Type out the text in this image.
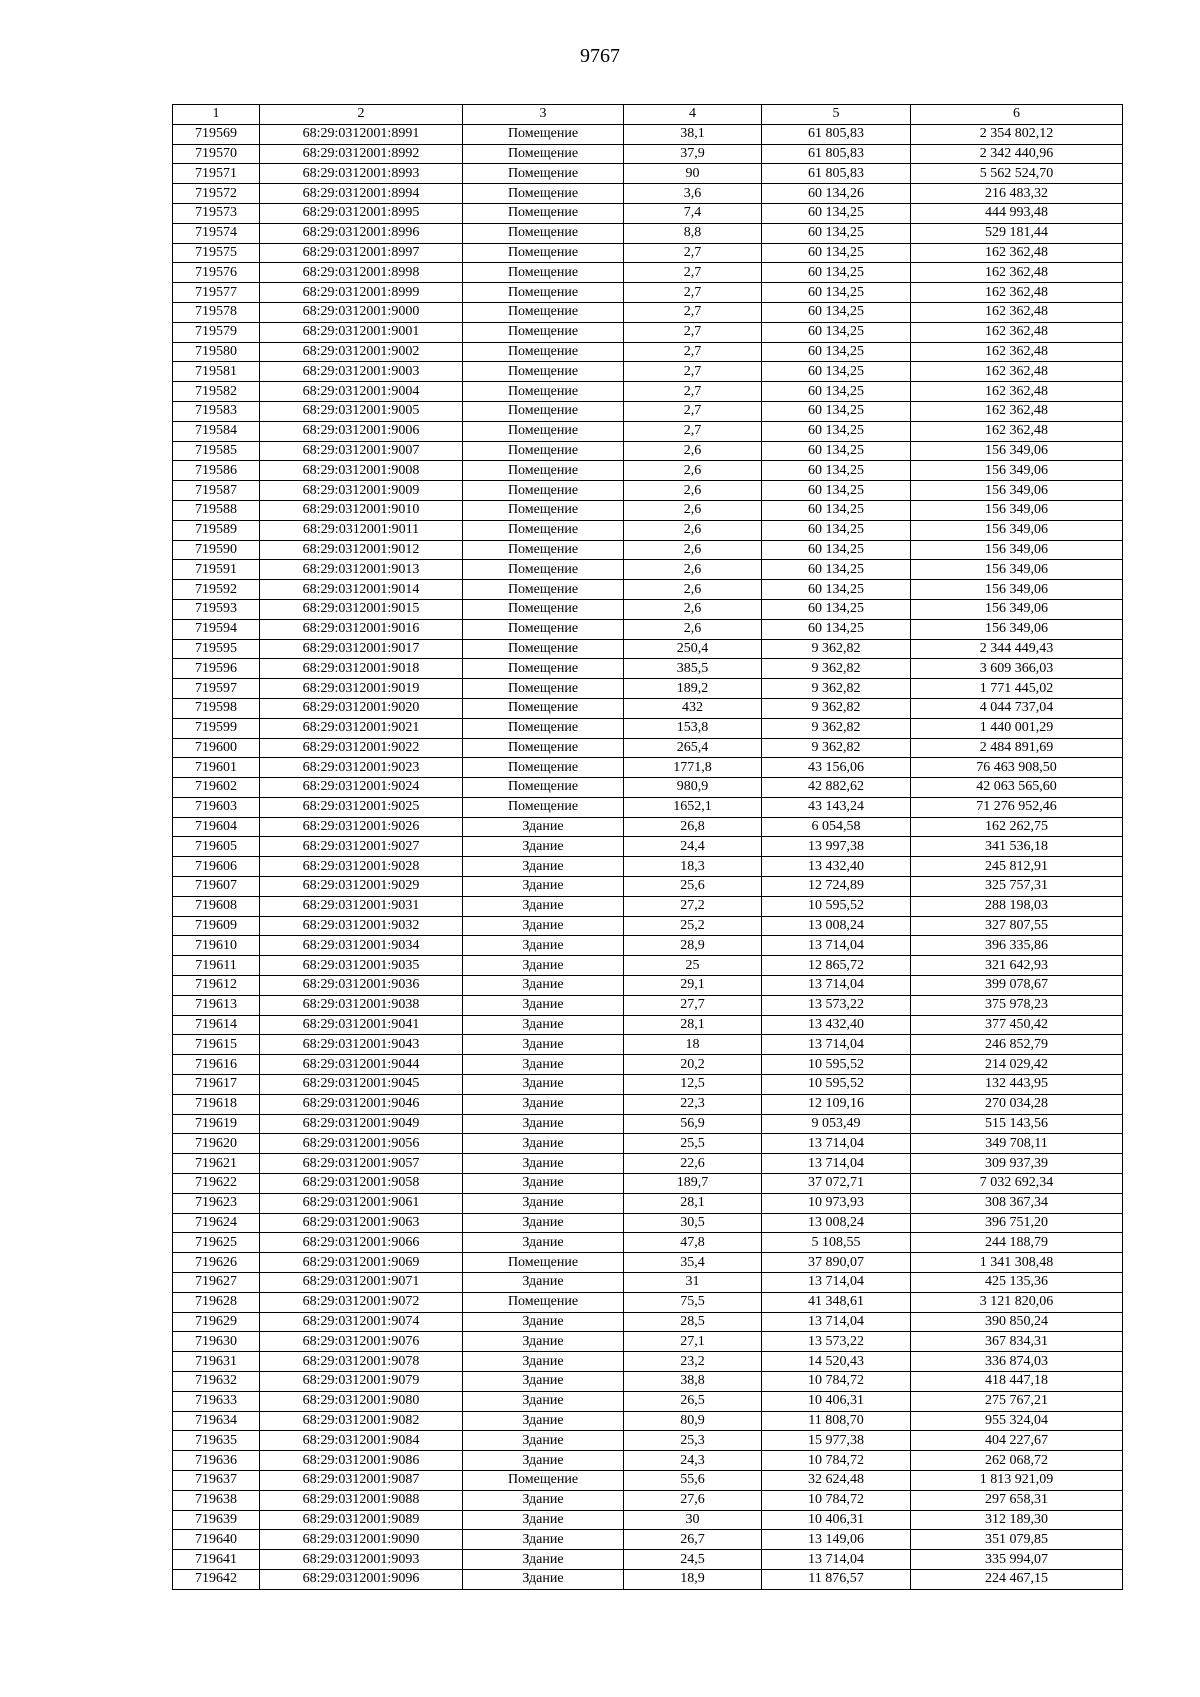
9767
1	2	3	4	5	6
719569	68:29:0312001:8991	Помещение	38,1	61 805,83	2 354 802,12
719570	68:29:0312001:8992	Помещение	37,9	61 805,83	2 342 440,96
719571	68:29:0312001:8993	Помещение	90	61 805,83	5 562 524,70
719572	68:29:0312001:8994	Помещение	3,6	60 134,26	216 483,32
719573	68:29:0312001:8995	Помещение	7,4	60 134,25	444 993,48
719574	68:29:0312001:8996	Помещение	8,8	60 134,25	529 181,44
719575	68:29:0312001:8997	Помещение	2,7	60 134,25	162 362,48
719576	68:29:0312001:8998	Помещение	2,7	60 134,25	162 362,48
719577	68:29:0312001:8999	Помещение	2,7	60 134,25	162 362,48
719578	68:29:0312001:9000	Помещение	2,7	60 134,25	162 362,48
719579	68:29:0312001:9001	Помещение	2,7	60 134,25	162 362,48
719580	68:29:0312001:9002	Помещение	2,7	60 134,25	162 362,48
719581	68:29:0312001:9003	Помещение	2,7	60 134,25	162 362,48
719582	68:29:0312001:9004	Помещение	2,7	60 134,25	162 362,48
719583	68:29:0312001:9005	Помещение	2,7	60 134,25	162 362,48
719584	68:29:0312001:9006	Помещение	2,7	60 134,25	162 362,48
719585	68:29:0312001:9007	Помещение	2,6	60 134,25	156 349,06
719586	68:29:0312001:9008	Помещение	2,6	60 134,25	156 349,06
719587	68:29:0312001:9009	Помещение	2,6	60 134,25	156 349,06
719588	68:29:0312001:9010	Помещение	2,6	60 134,25	156 349,06
719589	68:29:0312001:9011	Помещение	2,6	60 134,25	156 349,06
719590	68:29:0312001:9012	Помещение	2,6	60 134,25	156 349,06
719591	68:29:0312001:9013	Помещение	2,6	60 134,25	156 349,06
719592	68:29:0312001:9014	Помещение	2,6	60 134,25	156 349,06
719593	68:29:0312001:9015	Помещение	2,6	60 134,25	156 349,06
719594	68:29:0312001:9016	Помещение	2,6	60 134,25	156 349,06
719595	68:29:0312001:9017	Помещение	250,4	9 362,82	2 344 449,43
719596	68:29:0312001:9018	Помещение	385,5	9 362,82	3 609 366,03
719597	68:29:0312001:9019	Помещение	189,2	9 362,82	1 771 445,02
719598	68:29:0312001:9020	Помещение	432	9 362,82	4 044 737,04
719599	68:29:0312001:9021	Помещение	153,8	9 362,82	1 440 001,29
719600	68:29:0312001:9022	Помещение	265,4	9 362,82	2 484 891,69
719601	68:29:0312001:9023	Помещение	1771,8	43 156,06	76 463 908,50
719602	68:29:0312001:9024	Помещение	980,9	42 882,62	42 063 565,60
719603	68:29:0312001:9025	Помещение	1652,1	43 143,24	71 276 952,46
719604	68:29:0312001:9026	Здание	26,8	6 054,58	162 262,75
719605	68:29:0312001:9027	Здание	24,4	13 997,38	341 536,18
719606	68:29:0312001:9028	Здание	18,3	13 432,40	245 812,91
719607	68:29:0312001:9029	Здание	25,6	12 724,89	325 757,31
719608	68:29:0312001:9031	Здание	27,2	10 595,52	288 198,03
719609	68:29:0312001:9032	Здание	25,2	13 008,24	327 807,55
719610	68:29:0312001:9034	Здание	28,9	13 714,04	396 335,86
719611	68:29:0312001:9035	Здание	25	12 865,72	321 642,93
719612	68:29:0312001:9036	Здание	29,1	13 714,04	399 078,67
719613	68:29:0312001:9038	Здание	27,7	13 573,22	375 978,23
719614	68:29:0312001:9041	Здание	28,1	13 432,40	377 450,42
719615	68:29:0312001:9043	Здание	18	13 714,04	246 852,79
719616	68:29:0312001:9044	Здание	20,2	10 595,52	214 029,42
719617	68:29:0312001:9045	Здание	12,5	10 595,52	132 443,95
719618	68:29:0312001:9046	Здание	22,3	12 109,16	270 034,28
719619	68:29:0312001:9049	Здание	56,9	9 053,49	515 143,56
719620	68:29:0312001:9056	Здание	25,5	13 714,04	349 708,11
719621	68:29:0312001:9057	Здание	22,6	13 714,04	309 937,39
719622	68:29:0312001:9058	Здание	189,7	37 072,71	7 032 692,34
719623	68:29:0312001:9061	Здание	28,1	10 973,93	308 367,34
719624	68:29:0312001:9063	Здание	30,5	13 008,24	396 751,20
719625	68:29:0312001:9066	Здание	47,8	5 108,55	244 188,79
719626	68:29:0312001:9069	Помещение	35,4	37 890,07	1 341 308,48
719627	68:29:0312001:9071	Здание	31	13 714,04	425 135,36
719628	68:29:0312001:9072	Помещение	75,5	41 348,61	3 121 820,06
719629	68:29:0312001:9074	Здание	28,5	13 714,04	390 850,24
719630	68:29:0312001:9076	Здание	27,1	13 573,22	367 834,31
719631	68:29:0312001:9078	Здание	23,2	14 520,43	336 874,03
719632	68:29:0312001:9079	Здание	38,8	10 784,72	418 447,18
719633	68:29:0312001:9080	Здание	26,5	10 406,31	275 767,21
719634	68:29:0312001:9082	Здание	80,9	11 808,70	955 324,04
719635	68:29:0312001:9084	Здание	25,3	15 977,38	404 227,67
719636	68:29:0312001:9086	Здание	24,3	10 784,72	262 068,72
719637	68:29:0312001:9087	Помещение	55,6	32 624,48	1 813 921,09
719638	68:29:0312001:9088	Здание	27,6	10 784,72	297 658,31
719639	68:29:0312001:9089	Здание	30	10 406,31	312 189,30
719640	68:29:0312001:9090	Здание	26,7	13 149,06	351 079,85
719641	68:29:0312001:9093	Здание	24,5	13 714,04	335 994,07
719642	68:29:0312001:9096	Здание	18,9	11 876,57	224 467,15
